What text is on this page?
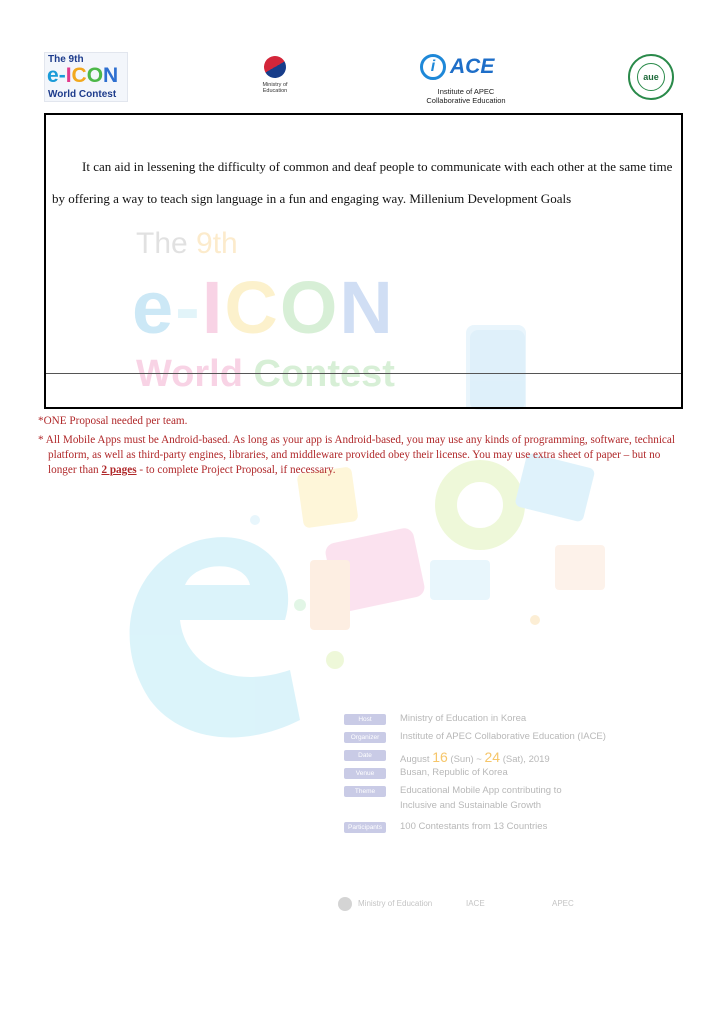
The 9th
e-ICON
World Contest
Ministry of
Education
i ACE
Institute of APEC
Collaborative Education
aue
The 9th
e-ICON
World Contest

It can aid in lessening the difficulty of common and deaf people to communicate with each other at the same time by offering a way to teach sign language in a fun and engaging way. Millenium Development Goals

*ONE Proposal needed per team.
* All Mobile Apps must be Android-based. As long as your app is Android-based, you may use any kinds of programming, software, technical platform, as well as third-party engines, libraries, and middleware provided obey their license. You may use extra sheet of paper – but no longer than 2 pages - to complete Project Proposal, if necessary.
Host	Ministry of Education in Korea
Organizer	Institute of APEC Collaborative Education (IACE)
Date	August 16 (Sun) ~ 24 (Sat), 2019
Venue	Busan, Republic of Korea
Theme	Educational Mobile App contributing to
Inclusive and Sustainable Growth
Participants	100 Contestants from 13 Countries
Ministry of Education	IACE	APEC
